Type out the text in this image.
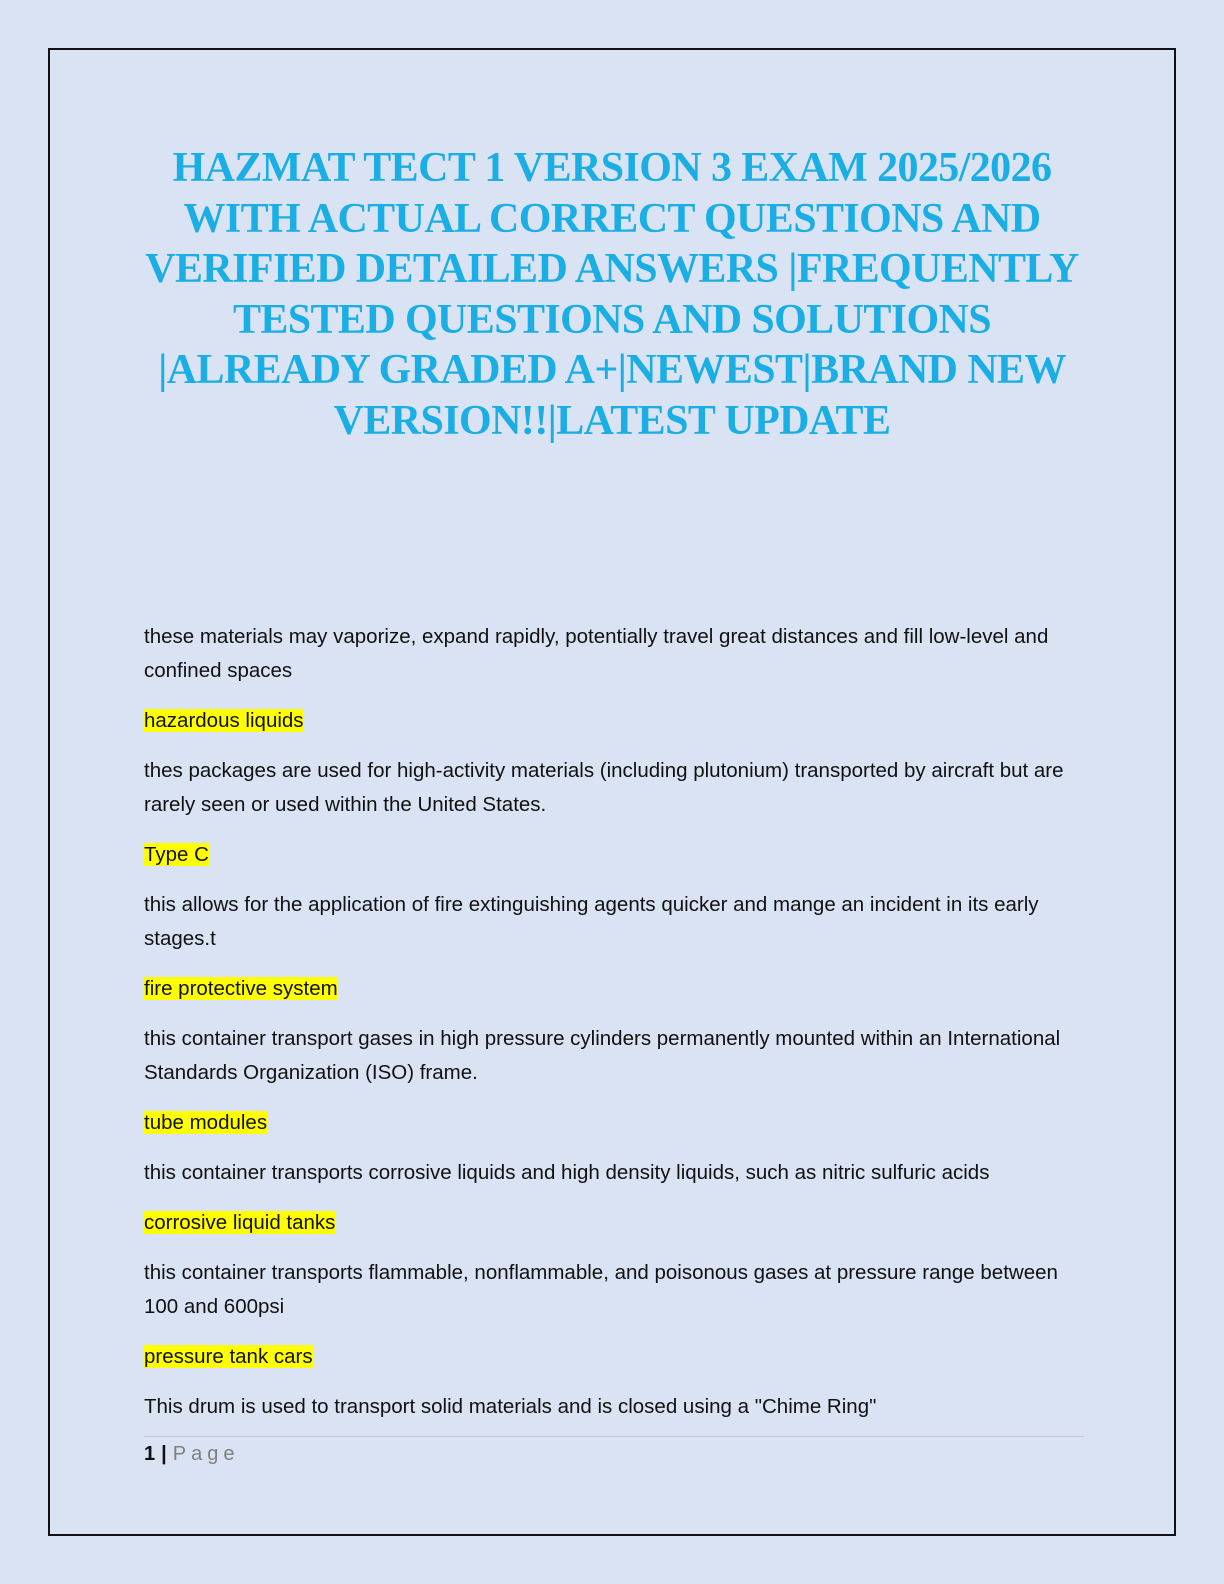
HAZMAT TECT 1 VERSION 3 EXAM 2025/2026 WITH ACTUAL CORRECT QUESTIONS AND VERIFIED DETAILED ANSWERS |FREQUENTLY TESTED QUESTIONS AND SOLUTIONS |ALREADY GRADED A+|NEWEST|BRAND NEW VERSION!!|LATEST UPDATE

these materials may vaporize, expand rapidly, potentially travel great distances and fill low-level and confined spaces

hazardous liquids

thes packages are used for high-activity materials (including plutonium) transported by aircraft but are rarely seen or used within the United States.

Type C

this allows for the application of fire extinguishing agents quicker and mange an incident in its early stages.t

fire protective system

this container transport gases in high pressure cylinders permanently mounted within an International Standards Organization (ISO) frame.

tube modules

this container transports corrosive liquids and high density liquids, such as nitric sulfuric acids

corrosive liquid tanks

this container transports flammable, nonflammable, and poisonous gases at pressure range between 100 and 600psi

pressure tank cars

This drum is used to transport solid materials and is closed using a "Chime Ring"

1 | Page
